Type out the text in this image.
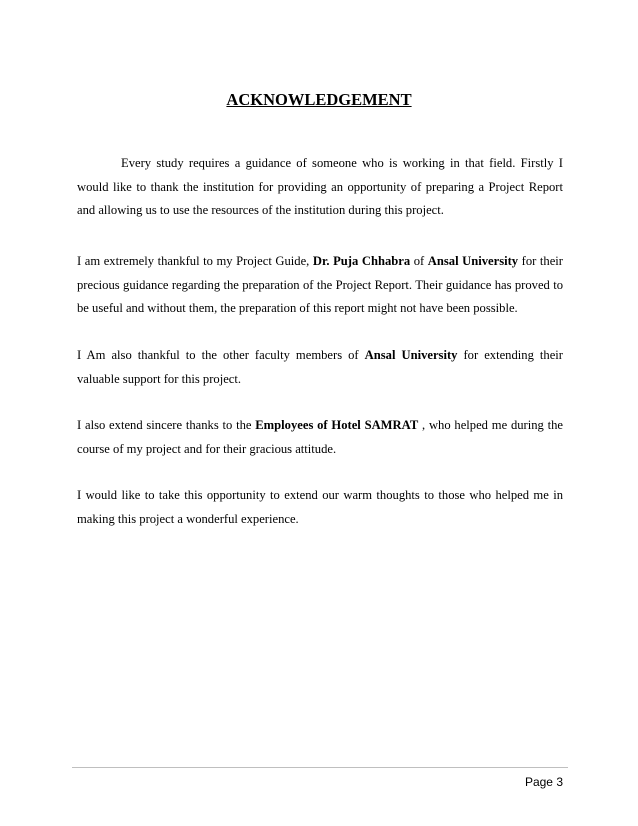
ACKNOWLEDGEMENT

Every study requires a guidance of someone who is working in that field. Firstly I would like to thank the institution for providing an opportunity of preparing a Project Report and allowing us to use the resources of the institution during this project.

I am extremely thankful to my Project Guide, Dr. Puja Chhabra of Ansal University for their precious guidance regarding the preparation of the Project Report. Their guidance has proved to be useful and without them, the preparation of this report might not have been possible.

I Am also thankful to the other faculty members of Ansal University for extending their valuable support for this project.

I also extend sincere thanks to the Employees of Hotel SAMRAT , who helped me during the course of my project and for their gracious attitude.

I would like to take this opportunity to extend our warm thoughts to those who helped me in making this project a wonderful experience.

Page 3
